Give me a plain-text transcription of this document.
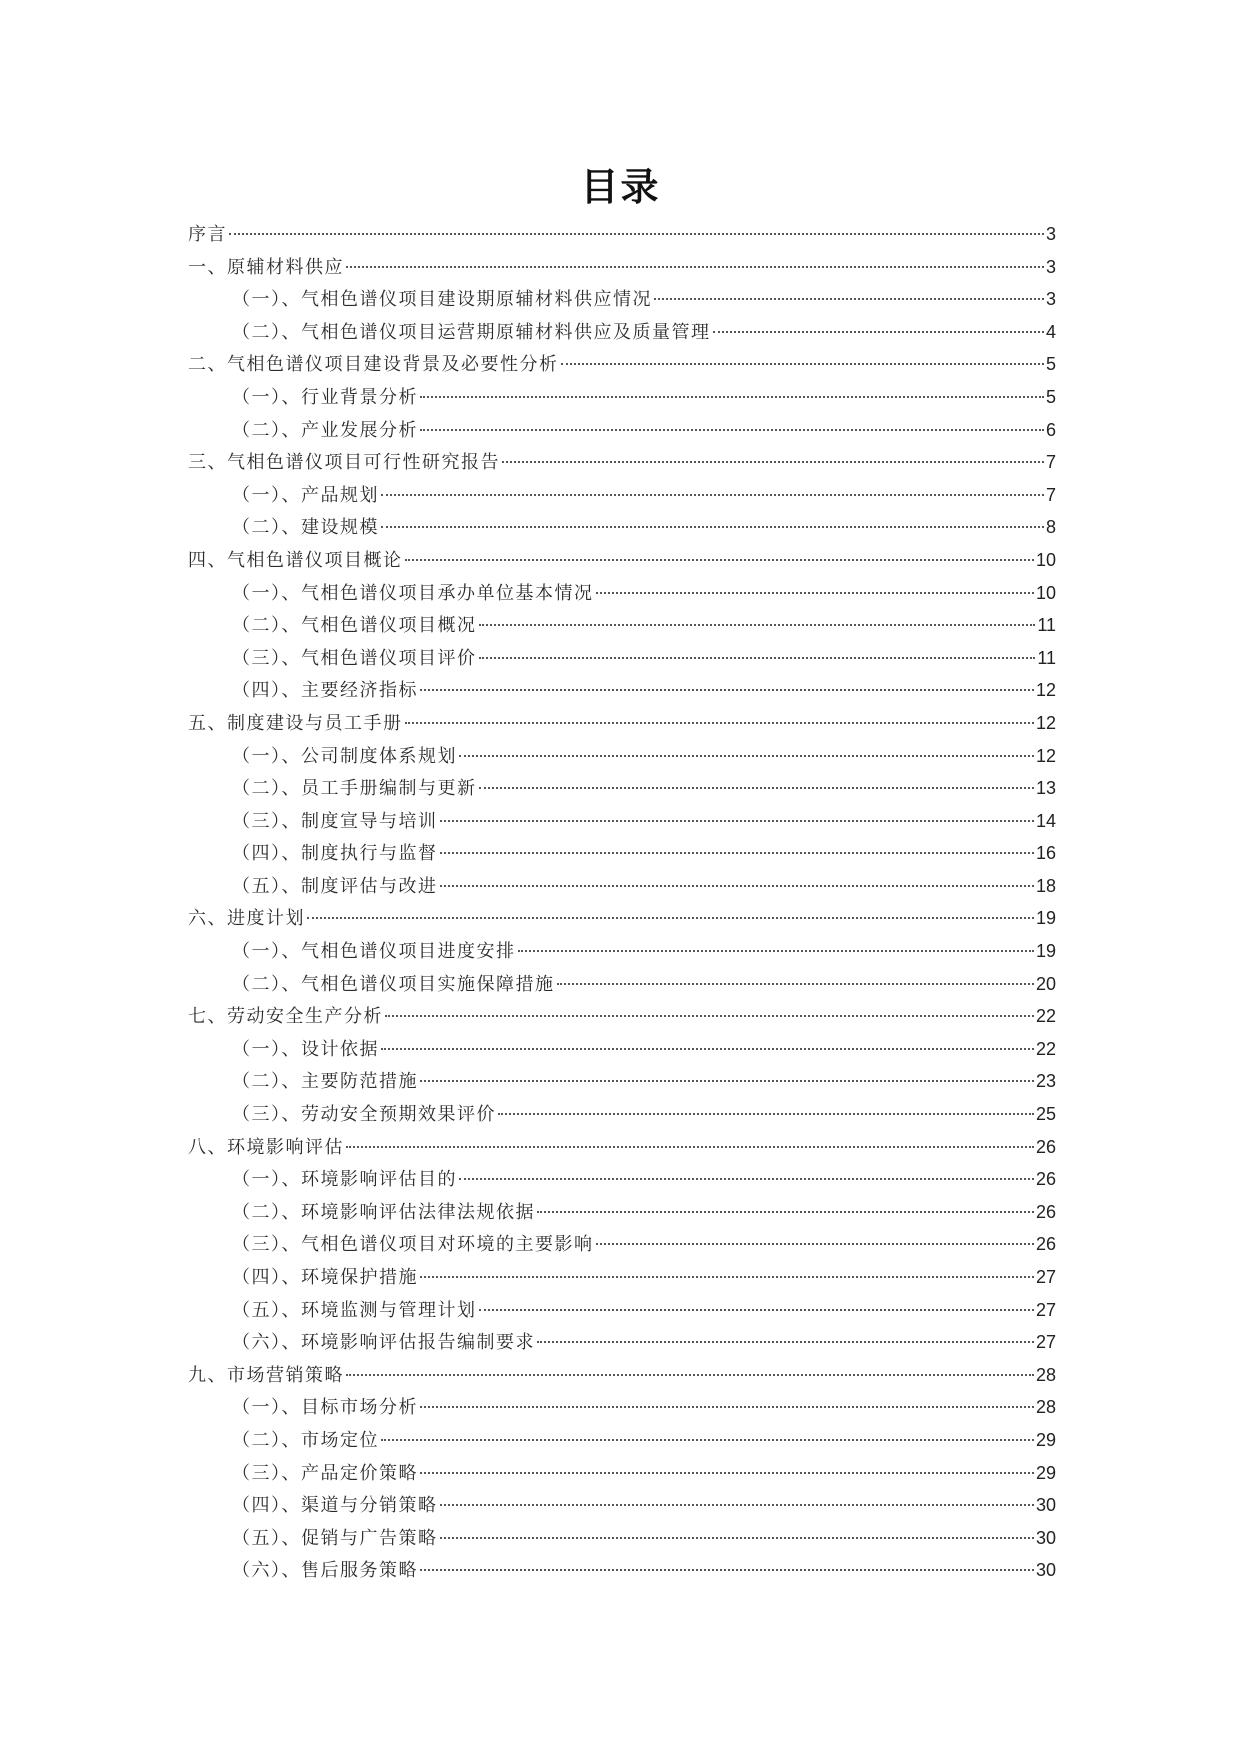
目录
序言	3
一、原辅材料供应	3
（一）、气相色谱仪项目建设期原辅材料供应情况	3
（二）、气相色谱仪项目运营期原辅材料供应及质量管理	4
二、气相色谱仪项目建设背景及必要性分析	5
（一）、行业背景分析	5
（二）、产业发展分析	6
三、气相色谱仪项目可行性研究报告	7
（一）、产品规划	7
（二）、建设规模	8
四、气相色谱仪项目概论	10
（一）、气相色谱仪项目承办单位基本情况	10
（二）、气相色谱仪项目概况	11
（三）、气相色谱仪项目评价	11
（四）、主要经济指标	12
五、制度建设与员工手册	12
（一）、公司制度体系规划	12
（二）、员工手册编制与更新	13
（三）、制度宣导与培训	14
（四）、制度执行与监督	16
（五）、制度评估与改进	18
六、进度计划	19
（一）、气相色谱仪项目进度安排	19
（二）、气相色谱仪项目实施保障措施	20
七、劳动安全生产分析	22
（一）、设计依据	22
（二）、主要防范措施	23
（三）、劳动安全预期效果评价	25
八、环境影响评估	26
（一）、环境影响评估目的	26
（二）、环境影响评估法律法规依据	26
（三）、气相色谱仪项目对环境的主要影响	26
（四）、环境保护措施	27
（五）、环境监测与管理计划	27
（六）、环境影响评估报告编制要求	27
九、市场营销策略	28
（一）、目标市场分析	28
（二）、市场定位	29
（三）、产品定价策略	29
（四）、渠道与分销策略	30
（五）、促销与广告策略	30
（六）、售后服务策略	30
